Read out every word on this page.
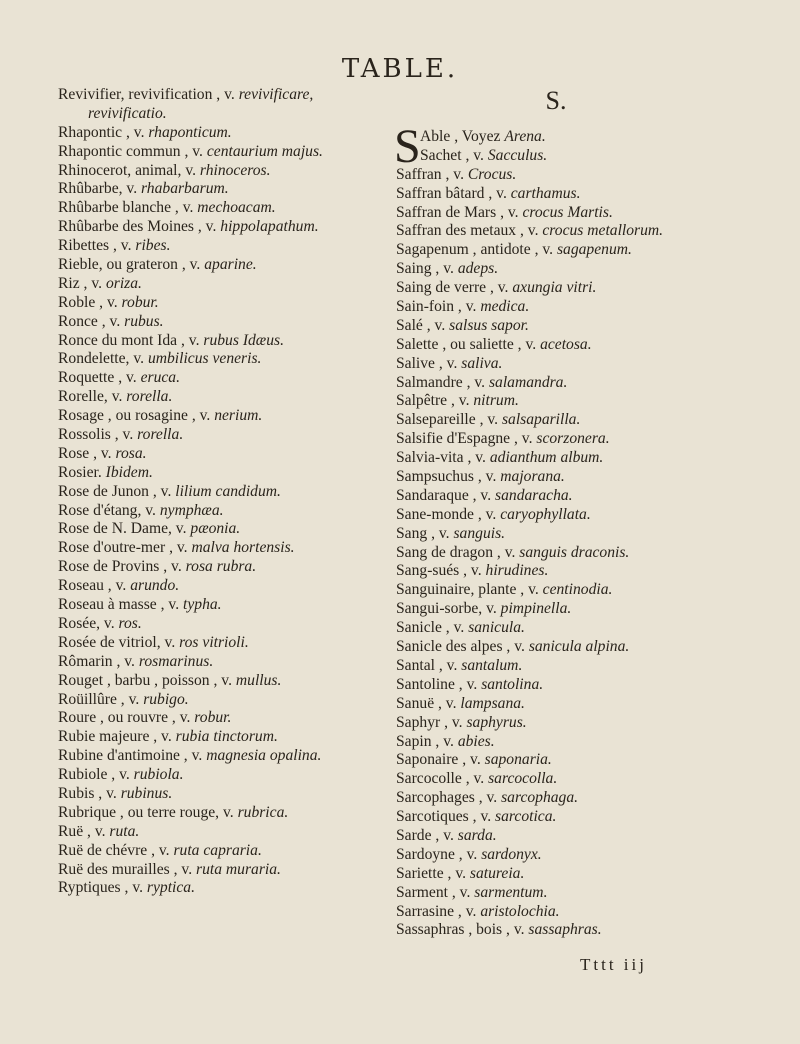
TABLE.
Revivifier, revivification , v. revivificare,
revivificatio.
Rhapontic , v. rhaponticum.
Rhapontic commun , v. centaurium majus.
Rhinocerot, animal, v. rhinoceros.
Rhûbarbe, v. rhabarbarum.
Rhûbarbe blanche , v. mechoacam.
Rhûbarbe des Moines , v. hippolapathum.
Ribettes , v. ribes.
Rieble, ou grateron , v. aparine.
Riz , v. oriza.
Roble , v. robur.
Ronce , v. rubus.
Ronce du mont Ida , v. rubus Idæus.
Rondelette, v. umbilicus veneris.
Roquette , v. eruca.
Rorelle, v. rorella.
Rosage , ou rosagine , v. nerium.
Rossolis , v. rorella.
Rose , v. rosa.
Rosier. Ibidem.
Rose de Junon , v. lilium candidum.
Rose d'étang, v. nymphæa.
Rose de N. Dame, v. pæonia.
Rose d'outre-mer , v. malva hortensis.
Rose de Provins , v. rosa rubra.
Roseau , v. arundo.
Roseau à masse , v. typha.
Rosée, v. ros.
Rosée de vitriol, v. ros vitrioli.
Rômarin , v. rosmarinus.
Rouget , barbu , poisson , v. mullus.
Roüillûre , v. rubigo.
Roure , ou rouvre , v. robur.
Rubie majeure , v. rubia tinctorum.
Rubine d'antimoine , v. magnesia opalina.
Rubiole , v. rubiola.
Rubis , v. rubinus.
Rubrique , ou terre rouge, v. rubrica.
Ruë , v. ruta.
Ruë de chévre , v. ruta capraria.
Ruë des murailles , v. ruta muraria.
Ryptiques , v. ryptica.
S.
S Able , Voyez Arena.
Sachet , v. Sacculus.
Saffran , v. Crocus.
Saffran bâtard , v. carthamus.
Saffran de Mars , v. crocus Martis.
Saffran des metaux , v. crocus metallorum.
Sagapenum , antidote , v. sagapenum.
Saing , v. adeps.
Saing de verre , v. axungia vitri.
Sain-foin , v. medica.
Salé , v. salsus sapor.
Salette , ou saliette , v. acetosa.
Salive , v. saliva.
Salmandre , v. salamandra.
Salpêtre , v. nitrum.
Salsepareille , v. salsaparilla.
Salsifie d'Espagne , v. scorzonera.
Salvia-vita , v. adianthum album.
Sampsuchus , v. majorana.
Sandaraque , v. sandaracha.
Sane-monde , v. caryophyllata.
Sang , v. sanguis.
Sang de dragon , v. sanguis draconis.
Sang-sués , v. hirudines.
Sanguinaire, plante , v. centinodia.
Sangui-sorbe, v. pimpinella.
Sanicle , v. sanicula.
Sanicle des alpes , v. sanicula alpina.
Santal , v. santalum.
Santoline , v. santolina.
Sanuë , v. lampsana.
Saphyr , v. saphyrus.
Sapin , v. abies.
Saponaire , v. saponaria.
Sarcocolle , v. sarcocolla.
Sarcophages , v. sarcophaga.
Sarcotiques , v. sarcotica.
Sarde , v. sarda.
Sardoyne , v. sardonyx.
Sariette , v. satureia.
Sarment , v. sarmentum.
Sarrasine , v. aristolochia.
Sassaphras , bois , v. sassaphras.
Tttt iij
